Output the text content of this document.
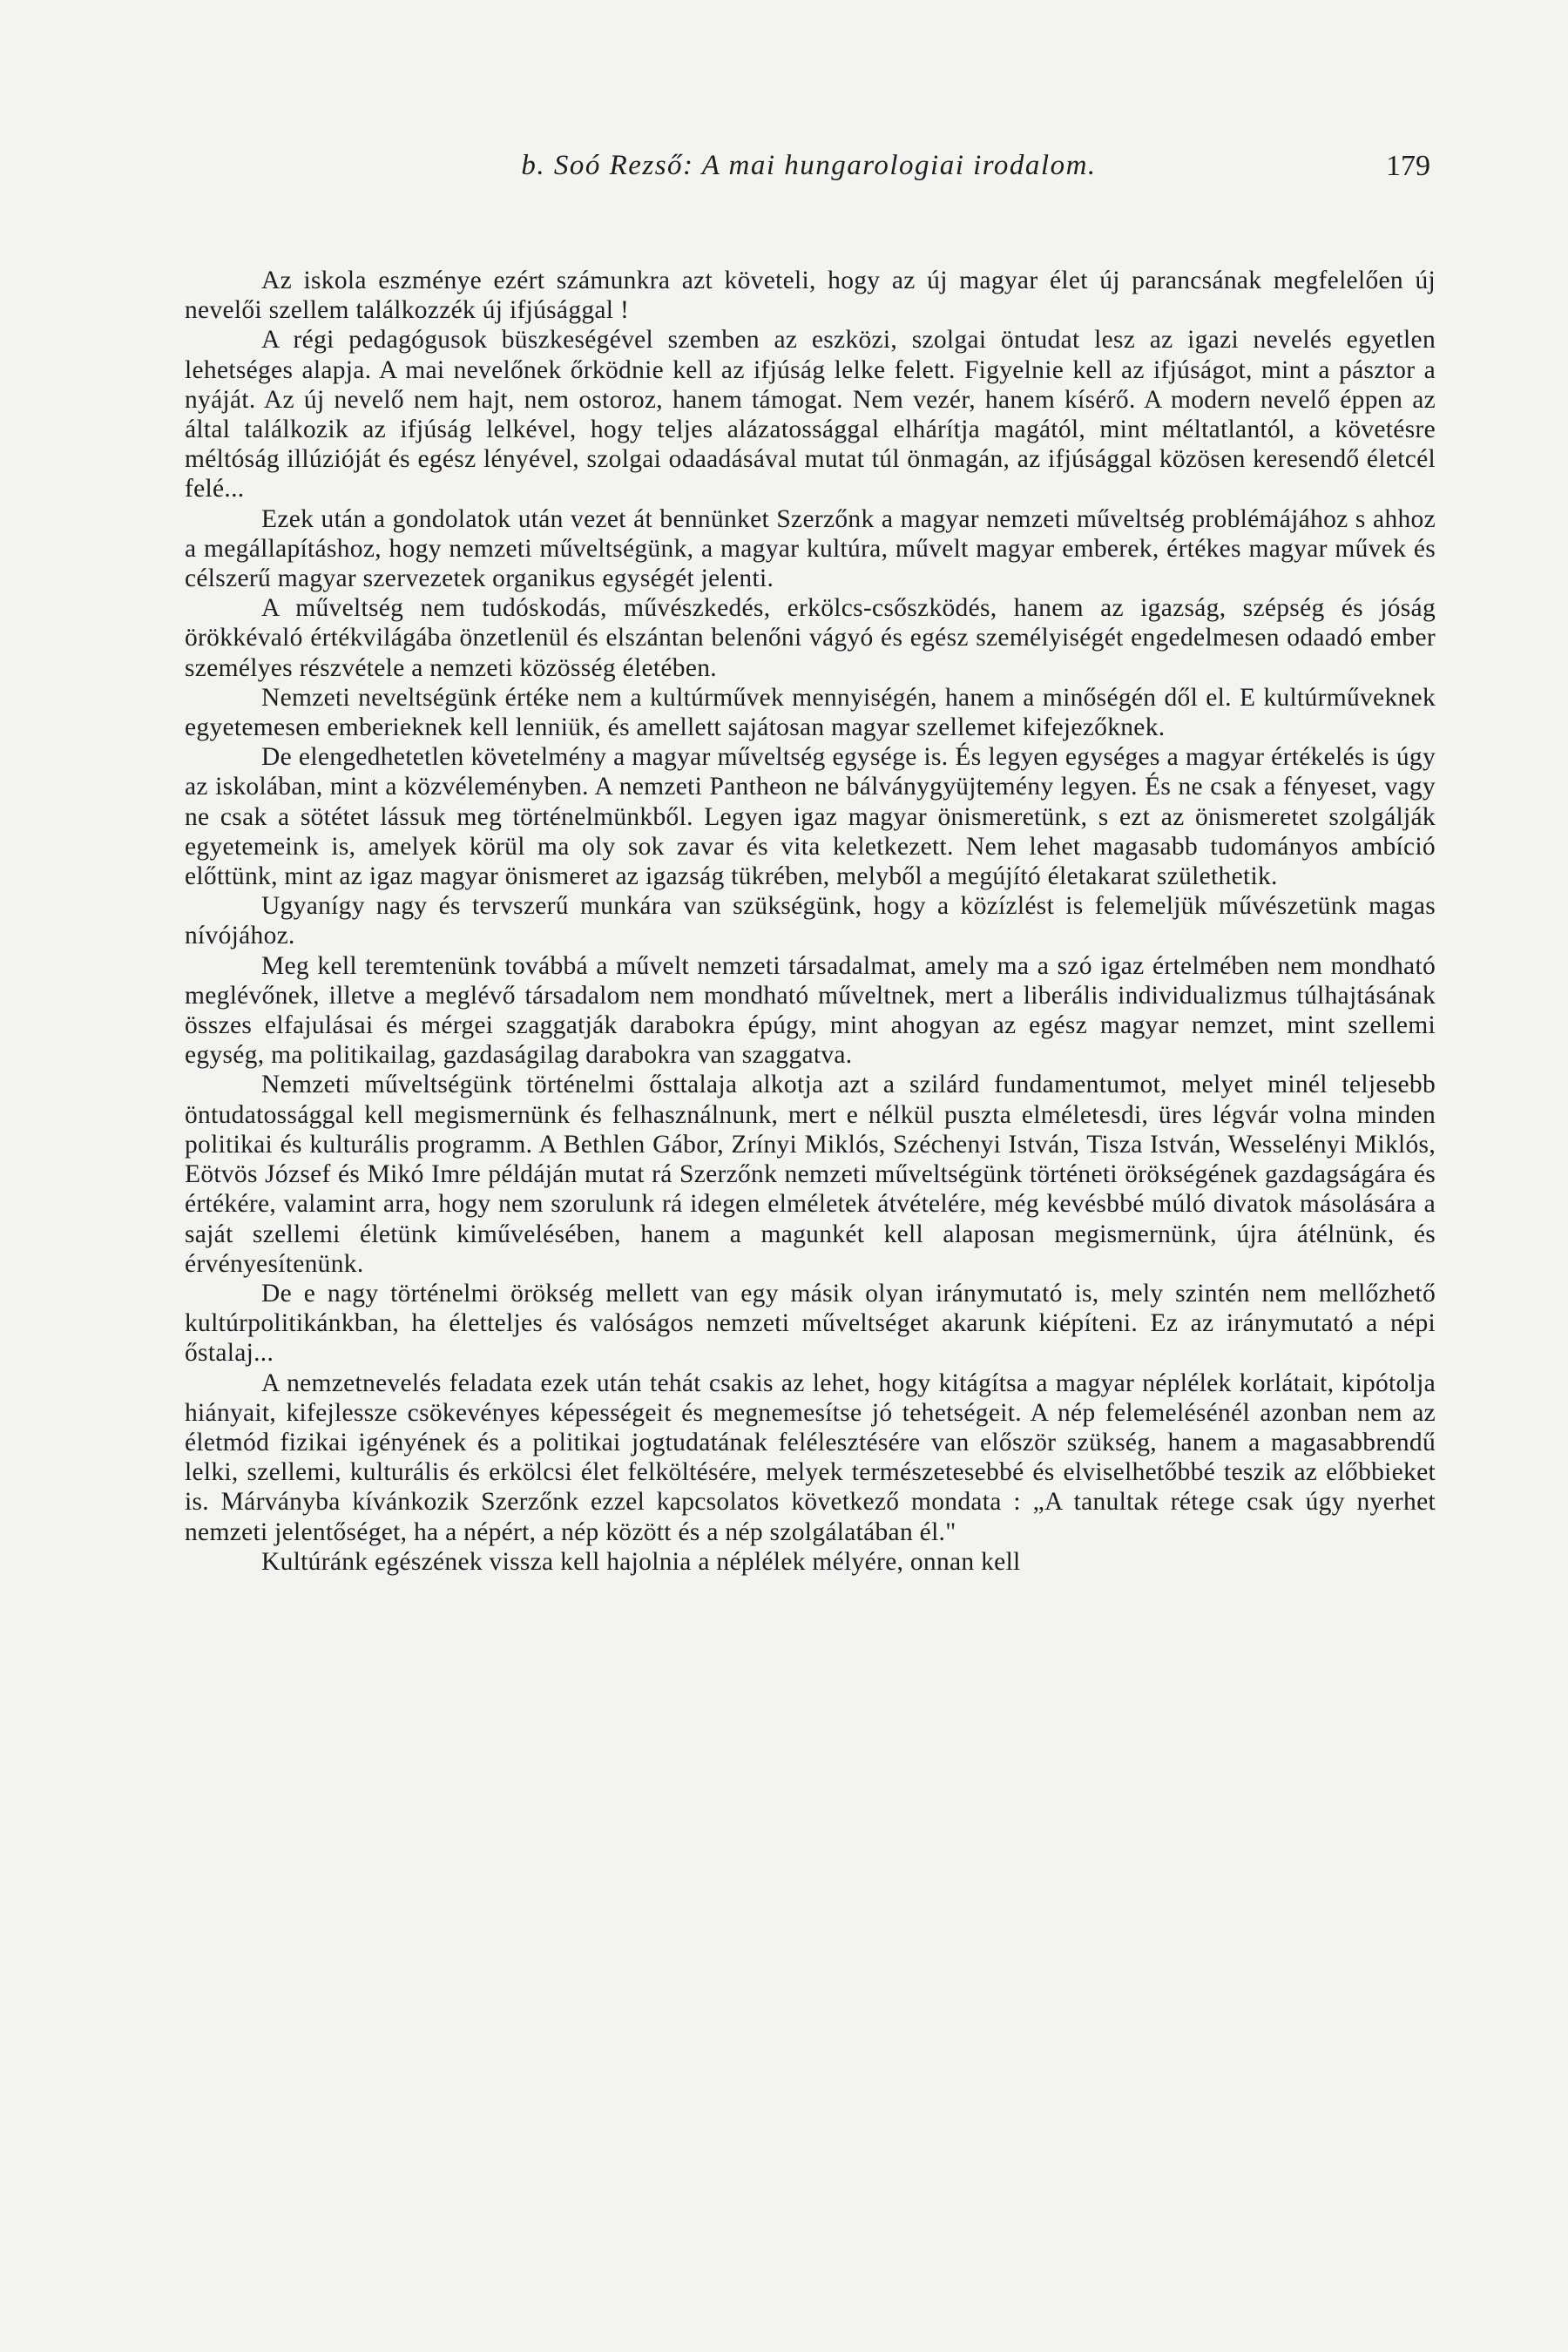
b. Soó Rezső: A mai hungarologiai irodalom.	179

Az iskola eszménye ezért számunkra azt követeli, hogy az új magyar élet új parancsának megfelelően új nevelői szellem találkozzék új ifjúsággal !

A régi pedagógusok büszkeségével szemben az eszközi, szolgai öntudat lesz az igazi nevelés egyetlen lehetséges alapja. A mai nevelőnek őrködnie kell az ifjúság lelke felett. Figyelnie kell az ifjúságot, mint a pásztor a nyáját. Az új nevelő nem hajt, nem ostoroz, hanem támogat. Nem vezér, hanem kísérő. A modern nevelő éppen az által találkozik az ifjúság lelkével, hogy teljes alázatossággal elhárítja magától, mint méltatlantól, a követésre méltóság illúzióját és egész lényével, szolgai odaadásával mutat túl önmagán, az ifjúsággal közösen keresendő életcél felé...

Ezek után a gondolatok után vezet át bennünket Szerzőnk a magyar nemzeti műveltség problémájához s ahhoz a megállapításhoz, hogy nemzeti műveltségünk, a magyar kultúra, művelt magyar emberek, értékes magyar művek és célszerű magyar szervezetek organikus egységét jelenti.

A műveltség nem tudóskodás, művészkedés, erkölcs-csőszködés, hanem az igazság, szépség és jóság örökkévaló értékvilágába önzetlenül és elszántan belenőni vágyó és egész személyiségét engedelmesen odaadó ember személyes részvétele a nemzeti közösség életében.

Nemzeti neveltségünk értéke nem a kultúrművek mennyiségén, hanem a minőségén dől el. E kultúrműveknek egyetemesen emberieknek kell lenniük, és amellett sajátosan magyar szellemet kifejezőknek.

De elengedhetetlen követelmény a magyar műveltség egysége is. És legyen egységes a magyar értékelés is úgy az iskolában, mint a közvéleményben. A nemzeti Pantheon ne bálványgyüjtemény legyen. És ne csak a fényeset, vagy ne csak a sötétet lássuk meg történelmünkből. Legyen igaz magyar önismeretünk, s ezt az önismeretet szolgálják egyetemeink is, amelyek körül ma oly sok zavar és vita keletkezett. Nem lehet magasabb tudományos ambíció előttünk, mint az igaz magyar önismeret az igazság tükrében, melyből a megújító életakarat születhetik.

Ugyanígy nagy és tervszerű munkára van szükségünk, hogy a közízlést is felemeljük művészetünk magas nívójához.

Meg kell teremtenünk továbbá a művelt nemzeti társadalmat, amely ma a szó igaz értelmében nem mondható meglévőnek, illetve a meglévő társadalom nem mondható műveltnek, mert a liberális individualizmus túlhajtásának összes elfajulásai és mérgei szaggatják darabokra épúgy, mint ahogyan az egész magyar nemzet, mint szellemi egység, ma politikailag, gazdaságilag darabokra van szaggatva.

Nemzeti műveltségünk történelmi ősttalaja alkotja azt a szilárd fundamentumot, melyet minél teljesebb öntudatossággal kell megismernünk és felhasználnunk, mert e nélkül puszta elméletesdi, üres légvár volna minden politikai és kulturális programm. A Bethlen Gábor, Zrínyi Miklós, Széchenyi István, Tisza István, Wesselényi Miklós, Eötvös József és Mikó Imre példáján mutat rá Szerzőnk nemzeti műveltségünk történeti örökségének gazdagságára és értékére, valamint arra, hogy nem szorulunk rá idegen elméletek átvételére, még kevésbbé múló divatok másolására a saját szellemi életünk kiművelésében, hanem a magunkét kell alaposan megismernünk, újra átélnünk, és érvényesítenünk.

De e nagy történelmi örökség mellett van egy másik olyan iránymutató is, mely szintén nem mellőzhető kultúrpolitikánkban, ha életteljes és valóságos nemzeti műveltséget akarunk kiépíteni. Ez az iránymutató a népi őstalaj...

A nemzetnevelés feladata ezek után tehát csakis az lehet, hogy kitágítsa a magyar néplélek korlátait, kipótolja hiányait, kifejlessze csökevényes képességeit és megnemesítse jó tehetségeit. A nép felemelésénél azonban nem az életmód fizikai igényének és a politikai jogtudatának felélesztésére van először szükség, hanem a magasabbrendű lelki, szellemi, kulturális és erkölcsi élet felköltésére, melyek természetesebbé és elviselhetőbbé teszik az előbbieket is. Márványba kívánkozik Szerzőnk ezzel kapcsolatos következő mondata : „A tanultak rétege csak úgy nyerhet nemzeti jelentőséget, ha a népért, a nép között és a nép szolgálatában él."

Kultúránk egészének vissza kell hajolnia a néplélek mélyére, onnan kell
